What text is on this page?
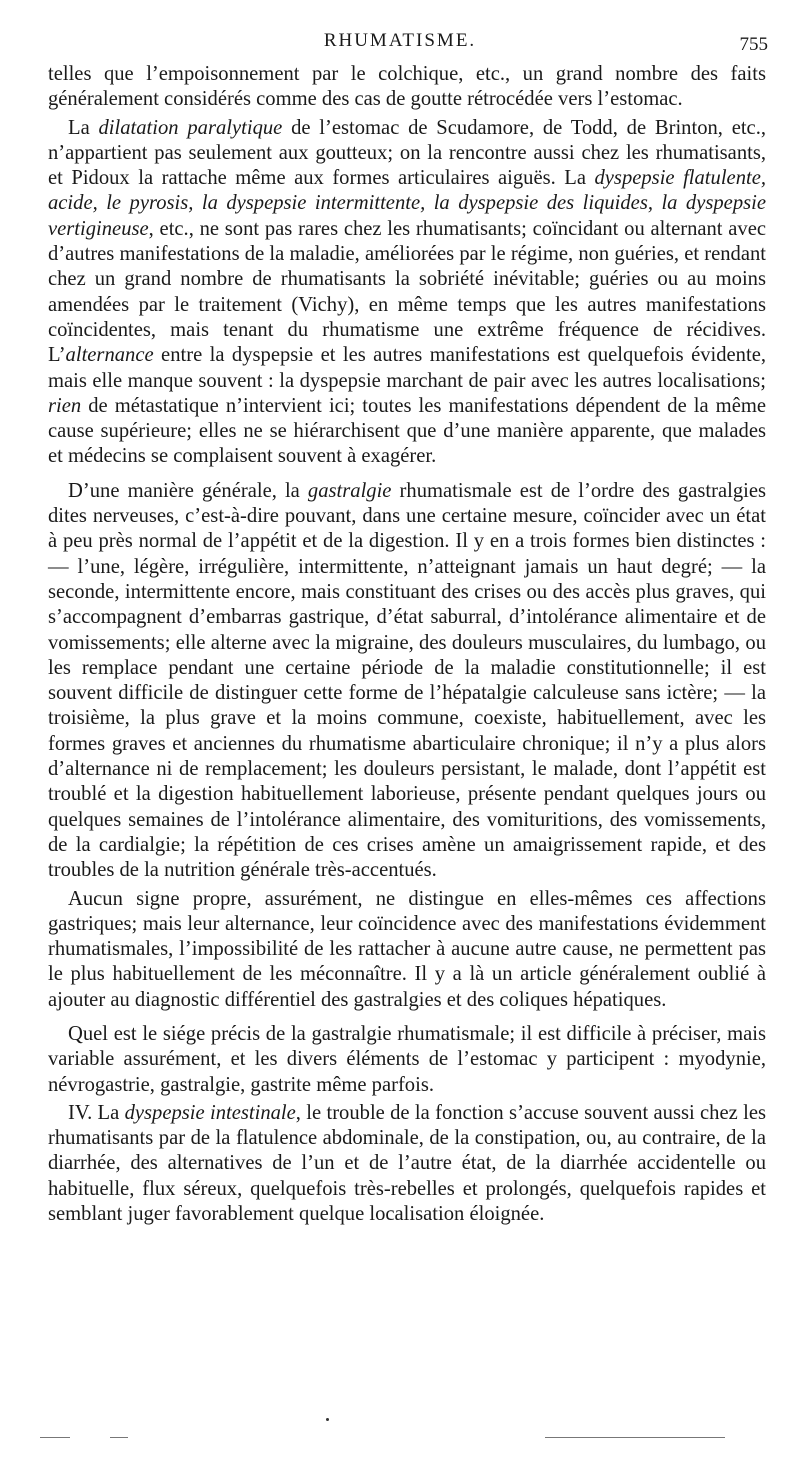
RHUMATISME.	755

telles que l’empoisonnement par le colchique, etc., un grand nombre des faits généralement considérés comme des cas de goutte rétrocédée vers l’estomac.

La dilatation paralytique de l’estomac de Scudamore, de Todd, de Brinton, etc., n’appartient pas seulement aux goutteux; on la rencontre aussi chez les rhumatisants, et Pidoux la rattache même aux formes articulaires aiguës. La dyspepsie flatulente, acide, le pyrosis, la dyspepsie intermittente, la dyspepsie des liquides, la dyspepsie vertigineuse, etc., ne sont pas rares chez les rhumatisants; coïncidant ou alternant avec d’autres manifestations de la maladie, améliorées par le régime, non guéries, et rendant chez un grand nombre de rhumatisants la sobriété inévitable; guéries ou au moins amendées par le traitement (Vichy), en même temps que les autres manifestations coïncidentes, mais tenant du rhumatisme une extrême fréquence de récidives. L’alternance entre la dyspepsie et les autres manifestations est quelquefois évidente, mais elle manque souvent : la dyspepsie marchant de pair avec les autres localisations; rien de métastatique n’intervient ici; toutes les manifestations dépendent de la même cause supérieure; elles ne se hiérarchisent que d’une manière apparente, que malades et médecins se complaisent souvent à exagérer.

D’une manière générale, la gastralgie rhumatismale est de l’ordre des gastralgies dites nerveuses, c’est-à-dire pouvant, dans une certaine mesure, coïncider avec un état à peu près normal de l’appétit et de la digestion. Il y en a trois formes bien distinctes : — l’une, légère, irrégulière, intermittente, n’atteignant jamais un haut degré; — la seconde, intermittente encore, mais constituant des crises ou des accès plus graves, qui s’accompagnent d’embarras gastrique, d’état saburral, d’intolérance alimentaire et de vomissements; elle alterne avec la migraine, des douleurs musculaires, du lumbago, ou les remplace pendant une certaine période de la maladie constitutionnelle; il est souvent difficile de distinguer cette forme de l’hépatalgie calculeuse sans ictère; — la troisième, la plus grave et la moins commune, coexiste, habituellement, avec les formes graves et anciennes du rhumatisme abarticulaire chronique; il n’y a plus alors d’alternance ni de remplacement; les douleurs persistant, le malade, dont l’appétit est troublé et la digestion habituellement laborieuse, présente pendant quelques jours ou quelques semaines de l’intolérance alimentaire, des vomituritions, des vomissements, de la cardialgie; la répétition de ces crises amène un amaigrissement rapide, et des troubles de la nutrition générale très-accentués.

Aucun signe propre, assurément, ne distingue en elles-mêmes ces affections gastriques; mais leur alternance, leur coïncidence avec des manifestations évidemment rhumatismales, l’impossibilité de les rattacher à aucune autre cause, ne permettent pas le plus habituellement de les méconnaître. Il y a là un article généralement oublié à ajouter au diagnostic différentiel des gastralgies et des coliques hépatiques.

Quel est le siége précis de la gastralgie rhumatismale; il est difficile à préciser, mais variable assurément, et les divers éléments de l’estomac y participent : myodynie, névrogastrie, gastralgie, gastrite même parfois.

IV. La dyspepsie intestinale, le trouble de la fonction s’accuse souvent aussi chez les rhumatisants par de la flatulence abdominale, de la constipation, ou, au contraire, de la diarrhée, des alternatives de l’un et de l’autre état, de la diarrhée accidentelle ou habituelle, flux séreux, quelquefois très-rebelles et prolongés, quelquefois rapides et semblant juger favorablement quelque localisation éloignée.
